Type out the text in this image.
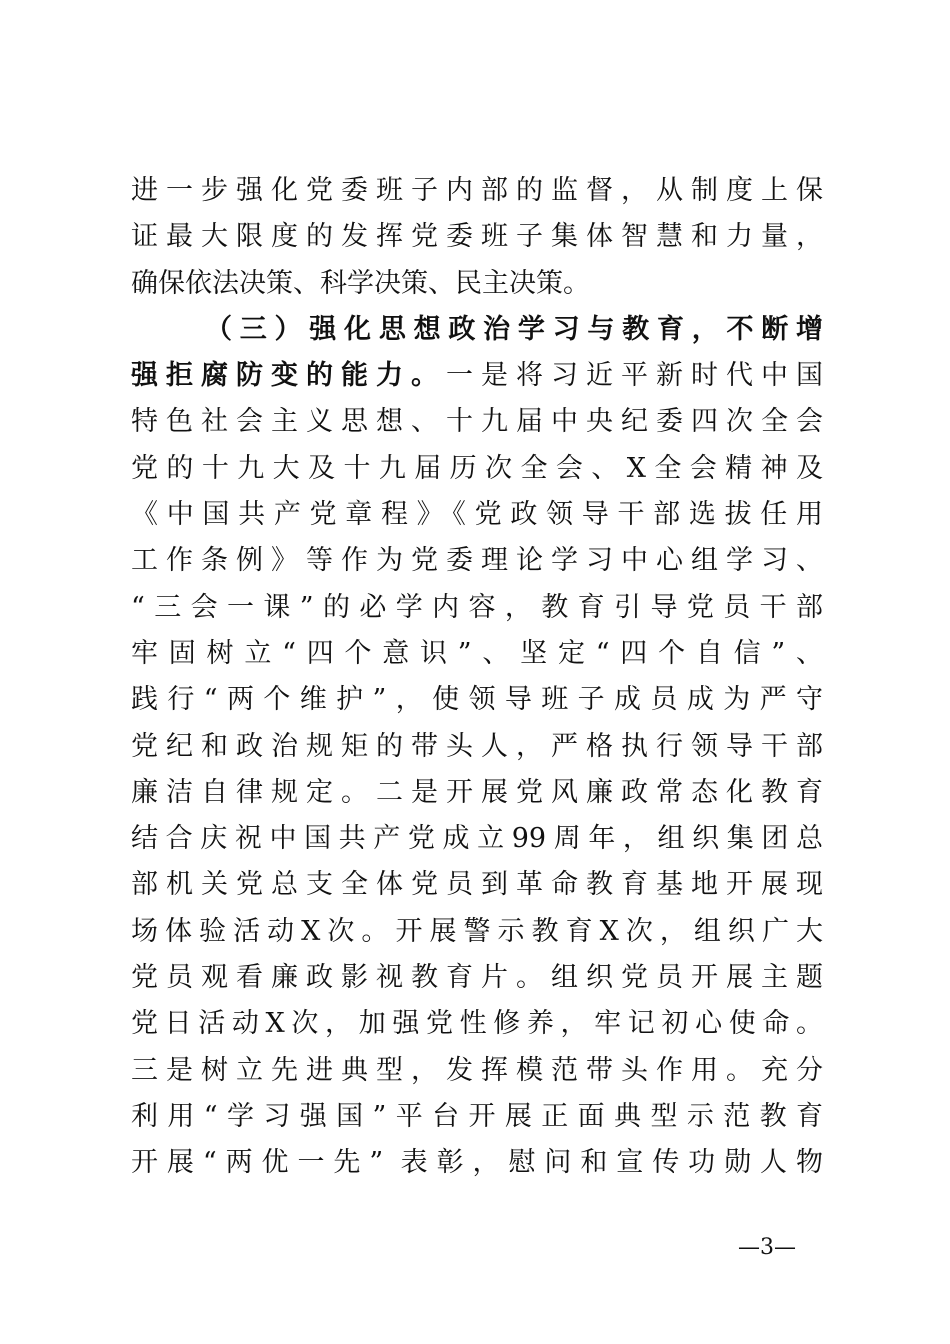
进一步强化党委班子内部的监督，从制度上保
证最大限度的发挥党委班子集体智慧和力量，
确保依法决策、科学决策、民主决策。
（三）强化思想政治学习与教育，不断增
强拒腐防变的能力。一是将习近平新时代中国
特色社会主义思想、十九届中央纪委四次全会
党的十九大及十九届历次全会、X全会精神及
《中国共产党章程》《党政领导干部选拔任用
工作条例》等作为党委理论学习中心组学习、
“三会一课”的必学内容，教育引导党员干部
牢固树立“四个意识”、坚定“四个自信”、
践行“两个维护”，使领导班子成员成为严守
党纪和政治规矩的带头人，严格执行领导干部
廉洁自律规定。二是开展党风廉政常态化教育
结合庆祝中国共产党成立99周年，组织集团总
部机关党总支全体党员到革命教育基地开展现
场体验活动X次。开展警示教育X次，组织广大
党员观看廉政影视教育片。组织党员开展主题
党日活动X次，加强党性修养，牢记初心使命。
三是树立先进典型，发挥模范带头作用。充分
利用“学习强国”平台开展正面典型示范教育
开展“两优一先” 表彰，慰问和宣传功勋人物
—3—
